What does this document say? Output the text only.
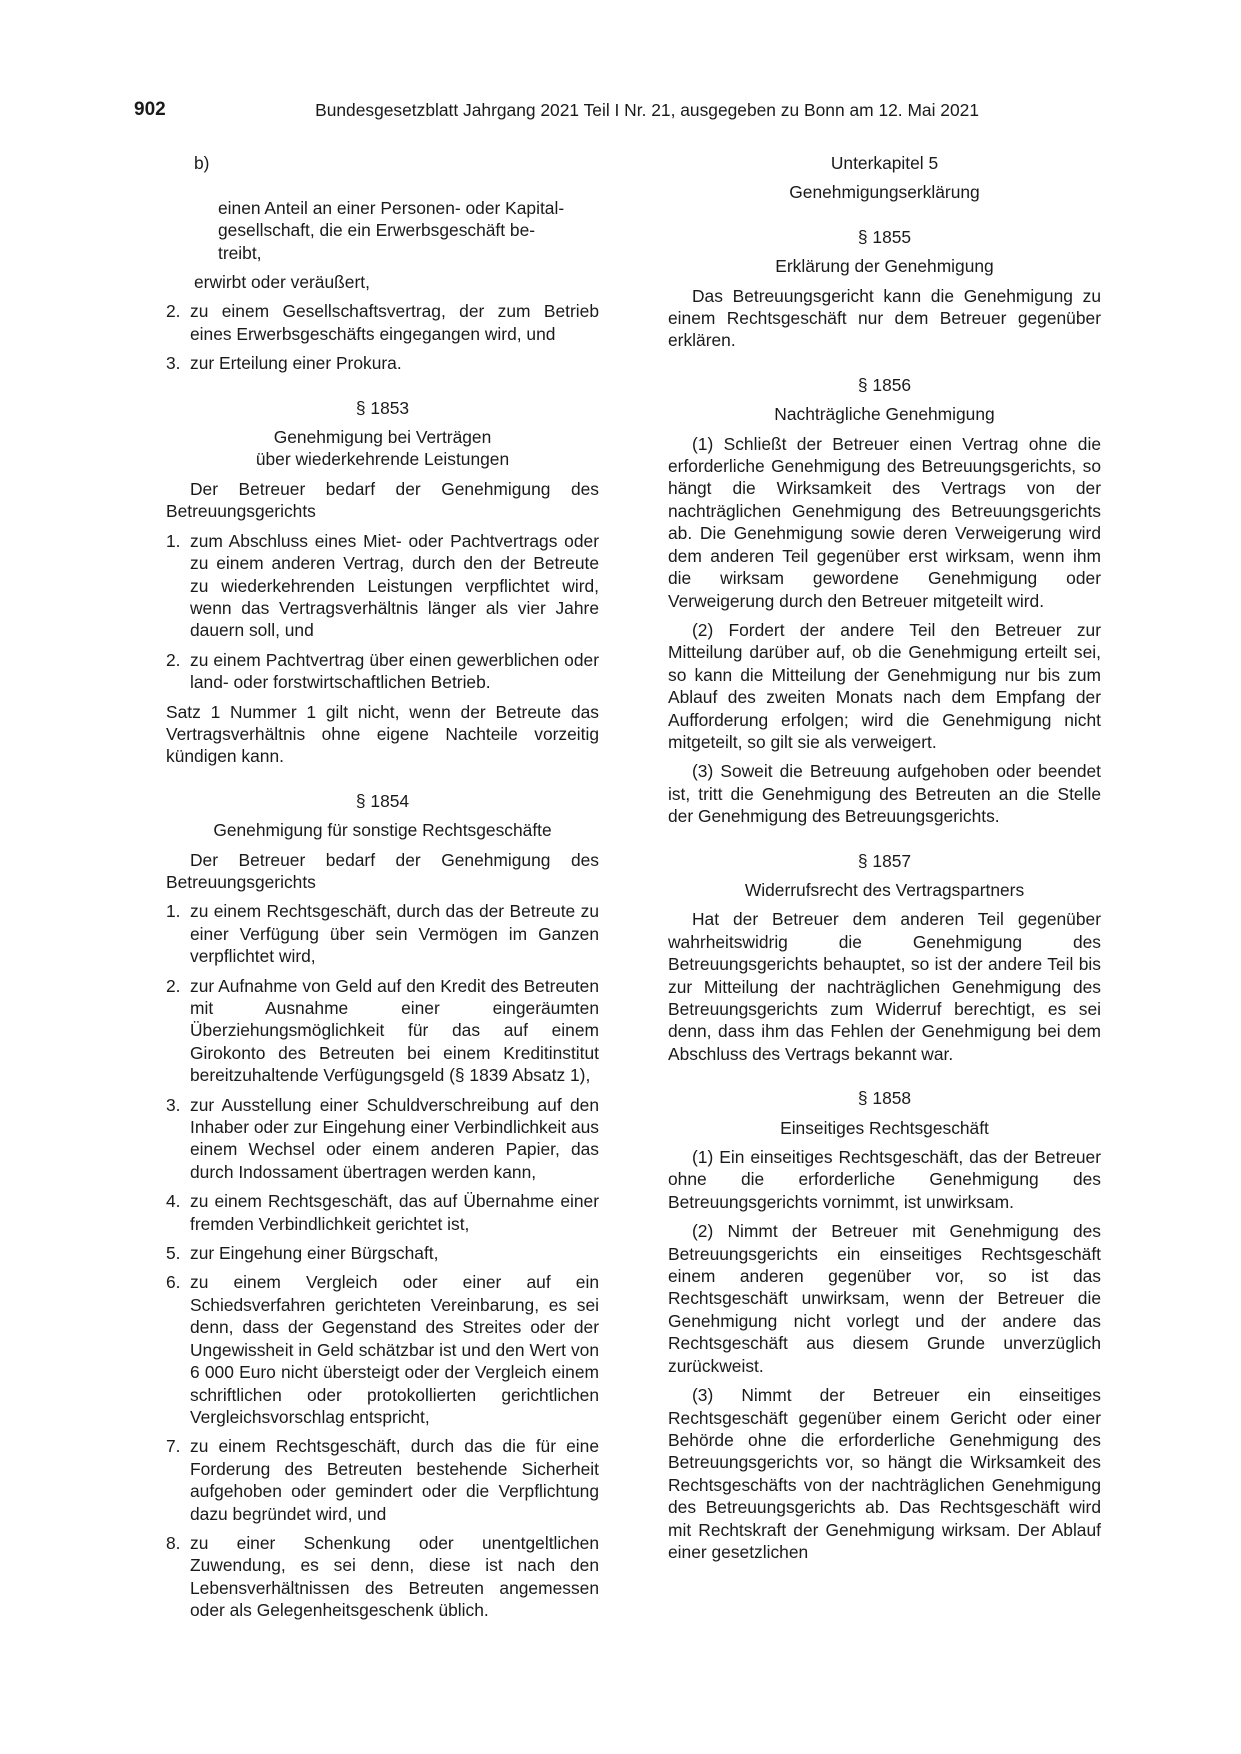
902	Bundesgesetzblatt Jahrgang 2021 Teil I Nr. 21, ausgegeben zu Bonn am 12. Mai 2021

b)

einen Anteil an einer Personen- oder Kapital-
gesellschaft, die ein Erwerbsgeschäft be-
treibt,

erwirbt oder veräußert,

2. zu einem Gesellschaftsvertrag, der zum Betrieb eines Erwerbsgeschäfts eingegangen wird, und
3. zur Erteilung einer Prokura.

§ 1853

Genehmigung bei Verträgen
über wiederkehrende Leistungen

Der Betreuer bedarf der Genehmigung des Betreuungsgerichts

1. zum Abschluss eines Miet- oder Pachtvertrags oder zu einem anderen Vertrag, durch den der Betreute zu wiederkehrenden Leistungen verpflichtet wird, wenn das Vertragsverhältnis länger als vier Jahre dauern soll, und
2. zu einem Pachtvertrag über einen gewerblichen oder land- oder forstwirtschaftlichen Betrieb.

Satz 1 Nummer 1 gilt nicht, wenn der Betreute das Vertragsverhältnis ohne eigene Nachteile vorzeitig kündigen kann.

§ 1854

Genehmigung für sonstige Rechtsgeschäfte

Der Betreuer bedarf der Genehmigung des Betreuungsgerichts

1. zu einem Rechtsgeschäft, durch das der Betreute zu einer Verfügung über sein Vermögen im Ganzen verpflichtet wird,
2. zur Aufnahme von Geld auf den Kredit des Betreuten mit Ausnahme einer eingeräumten Überziehungsmöglichkeit für das auf einem Girokonto des Betreuten bei einem Kreditinstitut bereitzuhaltende Verfügungsgeld (§ 1839 Absatz 1),
3. zur Ausstellung einer Schuldverschreibung auf den Inhaber oder zur Eingehung einer Verbindlichkeit aus einem Wechsel oder einem anderen Papier, das durch Indossament übertragen werden kann,
4. zu einem Rechtsgeschäft, das auf Übernahme einer fremden Verbindlichkeit gerichtet ist,
5. zur Eingehung einer Bürgschaft,
6. zu einem Vergleich oder einer auf ein Schiedsverfahren gerichteten Vereinbarung, es sei denn, dass der Gegenstand des Streites oder der Ungewissheit in Geld schätzbar ist und den Wert von 6 000 Euro nicht übersteigt oder der Vergleich einem schriftlichen oder protokollierten gerichtlichen Vergleichsvorschlag entspricht,
7. zu einem Rechtsgeschäft, durch das die für eine Forderung des Betreuten bestehende Sicherheit aufgehoben oder gemindert oder die Verpflichtung dazu begründet wird, und
8. zu einer Schenkung oder unentgeltlichen Zuwendung, es sei denn, diese ist nach den Lebensverhältnissen des Betreuten angemessen oder als Gelegenheitsgeschenk üblich.

Unterkapitel 5

Genehmigungserklärung

§ 1855

Erklärung der Genehmigung

Das Betreuungsgericht kann die Genehmigung zu einem Rechtsgeschäft nur dem Betreuer gegenüber erklären.

§ 1856

Nachträgliche Genehmigung

(1) Schließt der Betreuer einen Vertrag ohne die erforderliche Genehmigung des Betreuungsgerichts, so hängt die Wirksamkeit des Vertrags von der nachträglichen Genehmigung des Betreuungsgerichts ab. Die Genehmigung sowie deren Verweigerung wird dem anderen Teil gegenüber erst wirksam, wenn ihm die wirksam gewordene Genehmigung oder Verweigerung durch den Betreuer mitgeteilt wird.

(2) Fordert der andere Teil den Betreuer zur Mitteilung darüber auf, ob die Genehmigung erteilt sei, so kann die Mitteilung der Genehmigung nur bis zum Ablauf des zweiten Monats nach dem Empfang der Aufforderung erfolgen; wird die Genehmigung nicht mitgeteilt, so gilt sie als verweigert.

(3) Soweit die Betreuung aufgehoben oder beendet ist, tritt die Genehmigung des Betreuten an die Stelle der Genehmigung des Betreuungsgerichts.

§ 1857

Widerrufsrecht des Vertragspartners

Hat der Betreuer dem anderen Teil gegenüber wahrheitswidrig die Genehmigung des Betreuungsgerichts behauptet, so ist der andere Teil bis zur Mitteilung der nachträglichen Genehmigung des Betreuungsgerichts zum Widerruf berechtigt, es sei denn, dass ihm das Fehlen der Genehmigung bei dem Abschluss des Vertrags bekannt war.

§ 1858

Einseitiges Rechtsgeschäft

(1) Ein einseitiges Rechtsgeschäft, das der Betreuer ohne die erforderliche Genehmigung des Betreuungsgerichts vornimmt, ist unwirksam.

(2) Nimmt der Betreuer mit Genehmigung des Betreuungsgerichts ein einseitiges Rechtsgeschäft einem anderen gegenüber vor, so ist das Rechtsgeschäft unwirksam, wenn der Betreuer die Genehmigung nicht vorlegt und der andere das Rechtsgeschäft aus diesem Grunde unverzüglich zurückweist.

(3) Nimmt der Betreuer ein einseitiges Rechtsgeschäft gegenüber einem Gericht oder einer Behörde ohne die erforderliche Genehmigung des Betreuungsgerichts vor, so hängt die Wirksamkeit des Rechtsgeschäfts von der nachträglichen Genehmigung des Betreuungsgerichts ab. Das Rechtsgeschäft wird mit Rechtskraft der Genehmigung wirksam. Der Ablauf einer gesetzlichen
